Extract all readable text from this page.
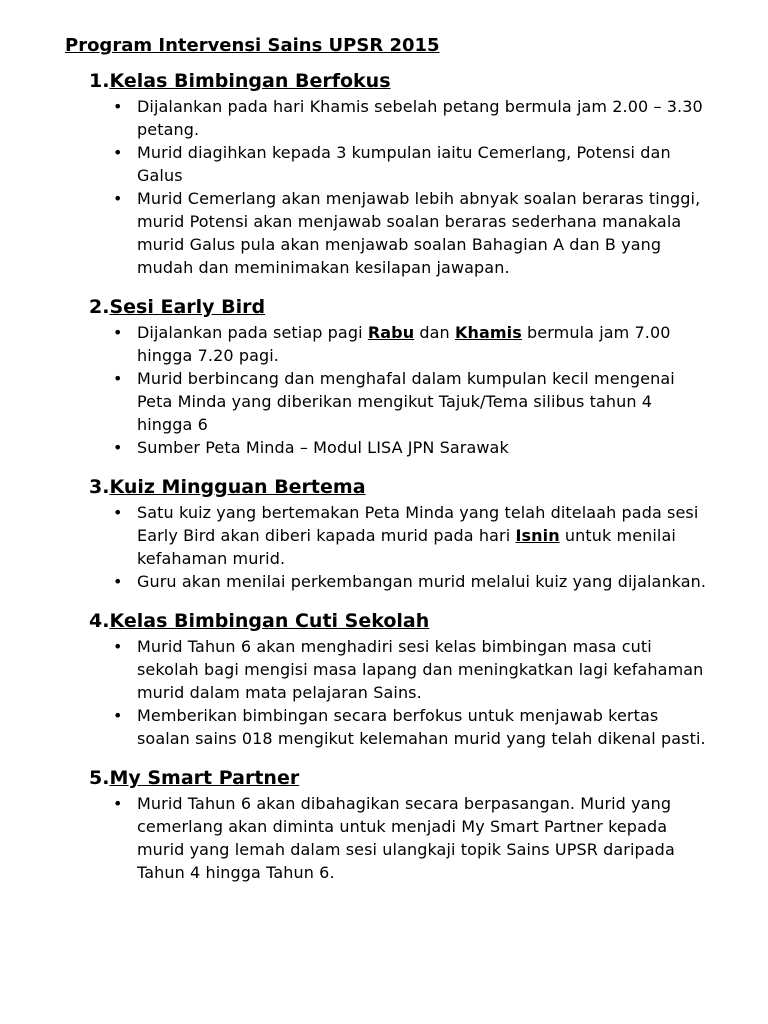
Program Intervensi Sains UPSR 2015
1.Kelas Bimbingan Berfokus
• Dijalankan pada hari Khamis sebelah petang bermula jam 2.00 – 3.30 petang.
• Murid diagihkan kepada 3 kumpulan iaitu Cemerlang, Potensi dan Galus
• Murid Cemerlang akan menjawab lebih abnyak soalan beraras tinggi, murid Potensi akan menjawab soalan beraras sederhana manakala murid Galus pula akan menjawab soalan Bahagian A dan B yang mudah dan meminimakan kesilapan jawapan.
2.Sesi Early Bird
• Dijalankan pada setiap pagi Rabu dan Khamis bermula jam 7.00 hingga 7.20 pagi.
• Murid berbincang dan menghafal dalam kumpulan kecil mengenai Peta Minda yang diberikan mengikut Tajuk/Tema silibus tahun 4 hingga 6
• Sumber Peta Minda – Modul LISA JPN Sarawak
3.Kuiz Mingguan Bertema
• Satu kuiz yang bertemakan Peta Minda yang telah ditelaah pada sesi Early Bird akan diberi kapada murid pada hari Isnin untuk menilai kefahaman murid.
• Guru akan menilai perkembangan murid melalui kuiz yang dijalankan.
4.Kelas Bimbingan Cuti Sekolah
• Murid Tahun 6 akan menghadiri sesi kelas bimbingan masa cuti sekolah bagi mengisi masa lapang dan meningkatkan lagi kefahaman murid dalam mata pelajaran Sains.
• Memberikan bimbingan secara berfokus untuk menjawab kertas soalan sains 018 mengikut kelemahan murid yang telah dikenal pasti.
5.My Smart Partner
• Murid Tahun 6 akan dibahagikan secara berpasangan. Murid yang cemerlang akan diminta untuk menjadi My Smart Partner kepada murid yang lemah dalam sesi ulangkaji topik Sains UPSR daripada Tahun 4 hingga Tahun 6.
